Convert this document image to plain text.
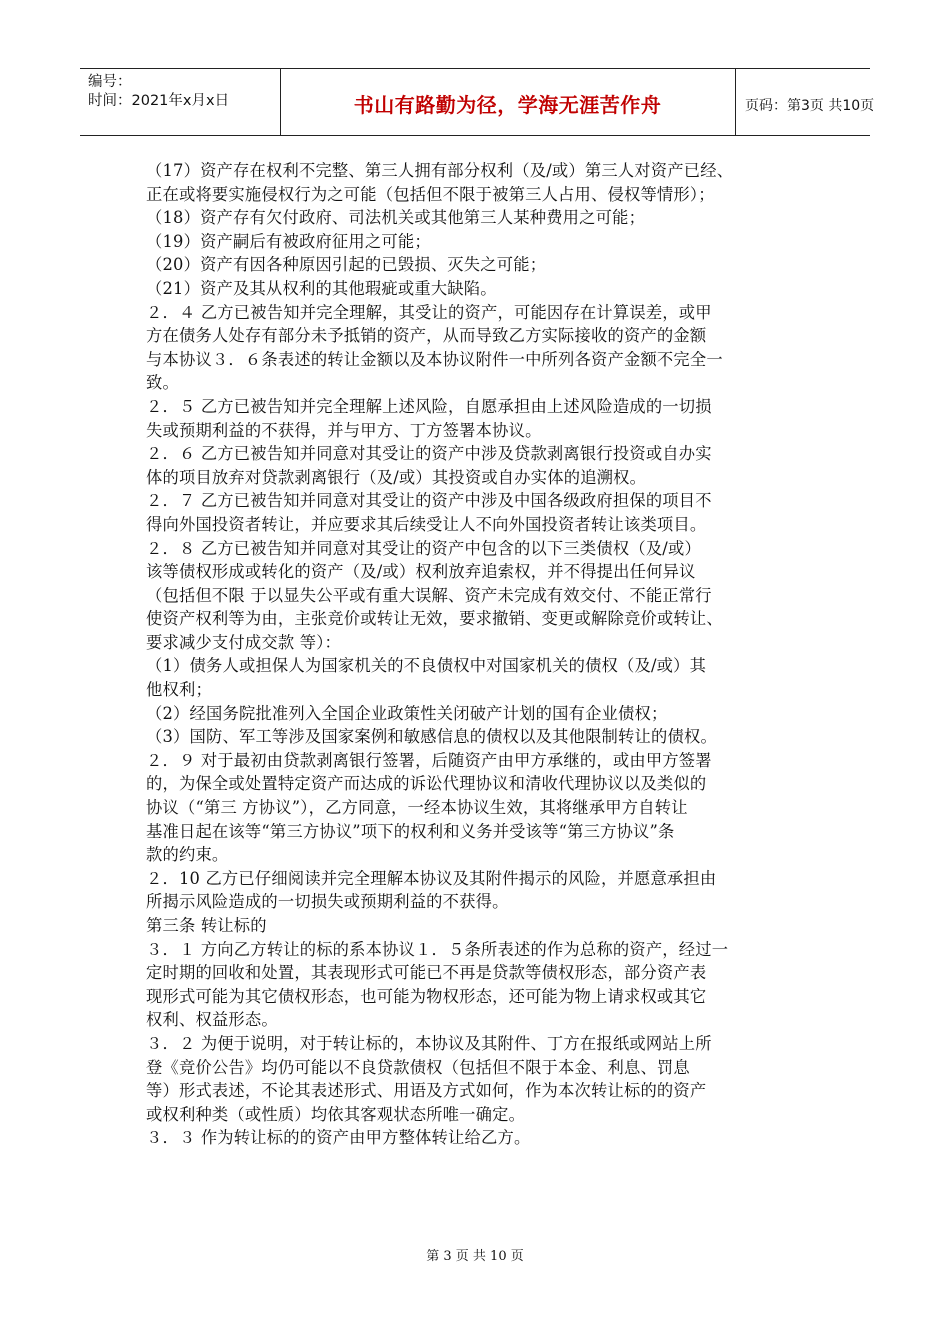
编号：
时间：2021年x月x日	书山有路勤为径，学海无涯苦作舟	页码：第3页 共10页
（17）资产存在权利不完整、第三人拥有部分权利（及/或）第三人对资产已经、
正在或将要实施侵权行为之可能（包括但不限于被第三人占用、侵权等情形）；
（18）资产存有欠付政府、司法机关或其他第三人某种费用之可能；
（19）资产嗣后有被政府征用之可能；
（20）资产有因各种原因引起的已毁损、灭失之可能；
（21）资产及其从权利的其他瑕疵或重大缺陷。
２．４ 乙方已被告知并完全理解，其受让的资产，可能因存在计算误差，或甲
方在债务人处存有部分未予抵销的资产，从而导致乙方实际接收的资产的金额
与本协议３．６条表述的转让金额以及本协议附件一中所列各资产金额不完全一
致。
２．５ 乙方已被告知并完全理解上述风险，自愿承担由上述风险造成的一切损
失或预期利益的不获得，并与甲方、丁方签署本协议。
２．６ 乙方已被告知并同意对其受让的资产中涉及贷款剥离银行投资或自办实
体的项目放弃对贷款剥离银行（及/或）其投资或自办实体的追溯权。
２．７ 乙方已被告知并同意对其受让的资产中涉及中国各级政府担保的项目不
得向外国投资者转让，并应要求其后续受让人不向外国投资者转让该类项目。
２．８ 乙方已被告知并同意对其受让的资产中包含的以下三类债权（及/或）
该等债权形成或转化的资产（及/或）权利放弃追索权，并不得提出任何异议
（包括但不限 于以显失公平或有重大误解、资产未完成有效交付、不能正常行
使资产权利等为由，主张竞价或转让无效，要求撤销、变更或解除竞价或转让、
要求减少支付成交款 等）：
（1）债务人或担保人为国家机关的不良债权中对国家机关的债权（及/或）其
他权利；
（2）经国务院批准列入全国企业政策性关闭破产计划的国有企业债权；
（3）国防、军工等涉及国家案例和敏感信息的债权以及其他限制转让的债权。
２．９ 对于最初由贷款剥离银行签署，后随资产由甲方承继的，或由甲方签署
的，为保全或处置特定资产而达成的诉讼代理协议和清收代理协议以及类似的
协议（“第三 方协议”），乙方同意，一经本协议生效，其将继承甲方自转让
基准日起在该等“第三方协议”项下的权利和义务并受该等“第三方协议”条
款的约束。
２．10 乙方已仔细阅读并完全理解本协议及其附件揭示的风险，并愿意承担由
所揭示风险造成的一切损失或预期利益的不获得。
第三条 转让标的
３．１ 方向乙方转让的标的系本协议１．５条所表述的作为总称的资产，经过一
定时期的回收和处置，其表现形式可能已不再是贷款等债权形态，部分资产表
现形式可能为其它债权形态，也可能为物权形态，还可能为物上请求权或其它
权利、权益形态。
３．２ 为便于说明，对于转让标的，本协议及其附件、丁方在报纸或网站上所
登《竞价公告》均仍可能以不良贷款债权（包括但不限于本金、利息、罚息
等）形式表述，不论其表述形式、用语及方式如何，作为本次转让标的的资产
或权利种类（或性质）均依其客观状态所唯一确定。
３．３ 作为转让标的的资产由甲方整体转让给乙方。
第 3 页 共 10 页
